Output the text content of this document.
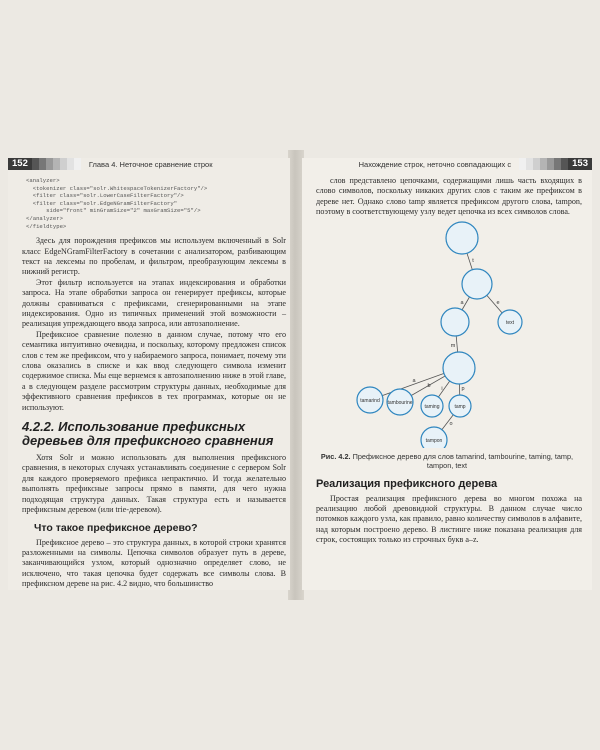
152	Глава 4. Неточное сравнение строк
<analyzer>
<tokenizer class="solr.WhitespaceTokenizerFactory"/>
<filter class="solr.LowerCaseFilterFactory"/>
<filter class="solr.EdgeNGramFilterFactory"
side="front" minGramSize="2" maxGramSize="5"/>
</analyzer>
</fieldtype>

Здесь для порождения префиксов мы используем включенный в Solr класс EdgeNGramFilterFactory в сочетании с анализатором, разбивающим текст на лексемы по пробелам, и фильтром, преобразующим лексемы в нижний регистр.

Этот фильтр используется на этапах индексирования и обработки запроса. На этапе обработки запроса он генерирует префиксы, которые должны сравниваться с префиксами, сгенерированными на этапе индексирования. Одно из типичных применений этой возможности – реализация упреждающего ввода запроса, или автозаполнение.

Префиксное сравнение полезно в данном случае, потому что его семантика интуитивно очевидна, и поскольку, которому предложен список слов с тем же префиксом, что у набираемого запроса, понимает, почему эти слова оказались в списке и как ввод следующего символа изменит содержимое списка. Мы еще вернемся к автозаполнению ниже в этой главе, а в следующем разделе рассмотрим структуры данных, необходимые для эффективного сравнения префиксов в тех программах, которые он не используют.

4.2.2. Использование префиксных деревьев для префиксного сравнения

Хотя Solr и можно использовать для выполнения префиксного сравнения, в некоторых случаях устанавливать соединение с сервером Solr для каждого проверяемого префикса непрактично. И тогда желательно выполнять префиксные запросы прямо в памяти, для чего нужна подходящая структура данных. Такая структура есть и называется префиксным деревом (или trie-деревом).

Что такое префиксное дерево?

Префиксное дерево – это структура данных, в которой строки хранятся разложенными на символы. Цепочка символов образует путь в дереве, заканчивающийся узлом, который однозначно определяет слово, не исключено, что такая цепочка будет содержать все символы слова. В префиксном дереве на рис. 4.2 видно, что большинство

Нахождение строк, неточно совпадающих с	153

слов представлено цепочками, содержащими лишь часть входящих в слово символов, поскольку никаких других слов с таким же префиксом в дереве нет. Однако слово tamp является префиксом другого слова, tampon, поэтому в соответствующему узлу ведет цепочка из всех символов слова.

tamarind tambourine
taming	tamp
tampon
text
t
a	e
m
a
b i	p
o
Рис. 4.2. Префиксное дерево для слов tamarind, tambourine, taming, tamp, tampon, text
Реализация префиксного дерева

Простая реализация префиксного дерева во многом похожа на реализацию любой древовидной структуры. В данном случае число потомков каждого узла, как правило, равно количеству символов в алфавите, над которым построено дерево. В листинге ниже показана реализация для строк, состоящих только из строчных букв a–z.
